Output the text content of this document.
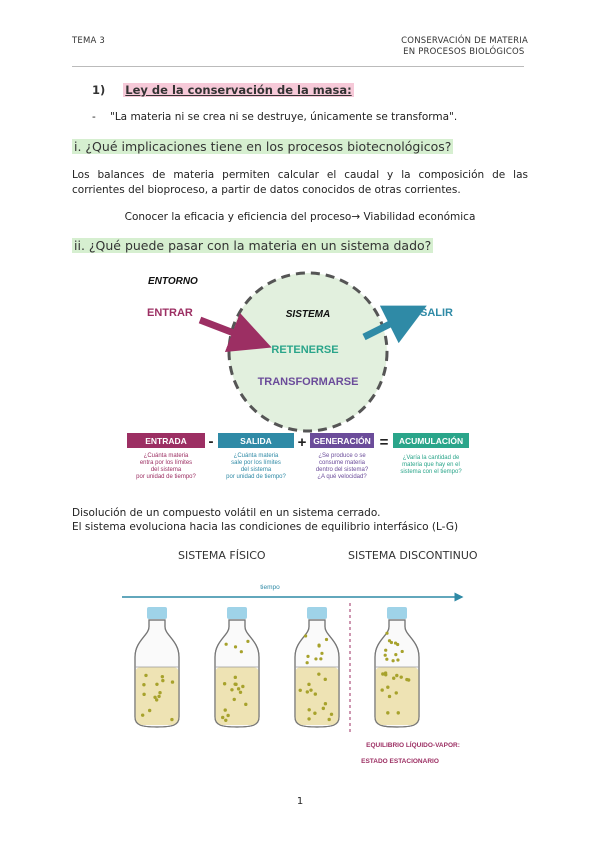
TEMA 3	CONSERVACIÓN DE MATERIA
EN PROCESOS BIOLÓGICOS
1) Ley de la conservación de la masa:
- "La materia ni se crea ni se destruye, únicamente se transforma".
i. ¿Qué implicaciones tiene en los procesos biotecnológicos?
Los balances de materia permiten calcular el caudal y la composición de las corrientes del bioproceso, a partir de datos conocidos de otras corrientes.
Conocer la eficacia y eficiencia del proceso→ Viabilidad económica
ii. ¿Qué puede pasar con la materia en un sistema dado?
ENTORNO
SISTEMA
ENTRAR	SALIR
RETENERSE
TRANSFORMARSE
ENTRADA -	SALIDA + GENERACIÓN = ACUMULACIÓN
¿Cuánta materia
entra por los límites
del sistema
por unidad de tiempo?
¿Cuánta materia
sale por los límites
del sistema
por unidad de tiempo?
¿Se produce o se
consume materia
dentro del sistema?
¿A qué velocidad?
¿Varía la cantidad de
materia que hay en el
sistema con el tiempo?
Disolución de un compuesto volátil en un sistema cerrado.
El sistema evoluciona hacia las condiciones de equilibrio interfásico (L-G)
SISTEMA FÍSICO	SISTEMA DISCONTINUO
tiempo
EQUILIBRIO LÍQUIDO-VAPOR:
ESTADO ESTACIONARIO
1
